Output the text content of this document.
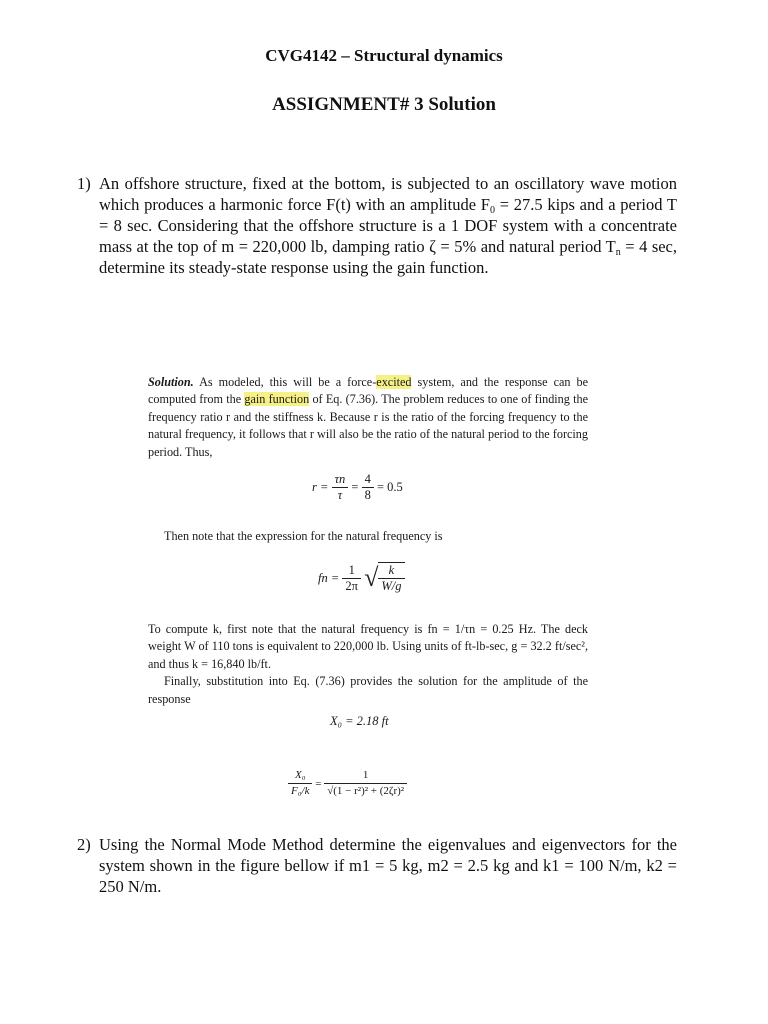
CVG4142 – Structural dynamics
ASSIGNMENT# 3 Solution
1) An offshore structure, fixed at the bottom, is subjected to an oscillatory wave motion which produces a harmonic force F(t) with an amplitude $F_0 = 27.5$ kips and a period T = 8 sec. Considering that the offshore structure is a 1 DOF system with a concentrate mass at the top of m = 220,000 lb, damping ratio ζ = 5% and natural period $T_n = 4$ sec, determine its steady-state response using the gain function.

Solution. As modeled, this will be a force-excited system, and the response can be computed from the gain function of Eq. (7.36). The problem reduces to one of finding the frequency ratio r and the stiffness k. Because r is the ratio of the forcing frequency to the natural frequency, it follows that r will also be the ratio of the natural period to the forcing period. Thus,

$r = \frac{\tau n}{\tau} = \frac{4}{8} = 0.5$

Then note that the expression for the natural frequency is

fn = $\frac{1}{2\pi}$ √ $\frac{k}{W/g}$

To compute k, first note that the natural frequency is fn = 1/τn = 0.25 Hz. The deck weight W of 110 tons is equivalent to 220,000 lb. Using units of ft-lb-sec, g = 32.2 ft/sec², and thus k = 16,840 lb/ft.

Finally, substitution into Eq. (7.36) provides the solution for the amplitude of the response

X₀ = 2.18 ft
$\frac{\text{X₀}}{\text{F₀/k}} = \frac{1}{\text{√(1 − r²)² + (2ζr)²}}$
2) Using the Normal Mode Method determine the eigenvalues and eigenvectors for the system shown in the figure bellow if m1 = 5 kg, m2 = 2.5 kg and k1 = 100 N/m, k2 = 250 N/m.
